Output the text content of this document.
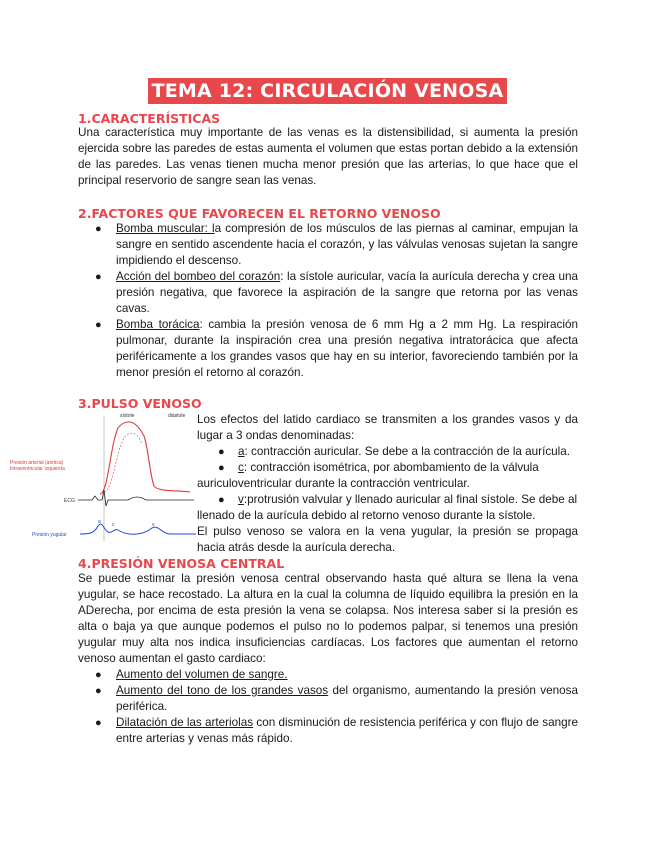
TEMA 12: CIRCULACIÓN VENOSA
1.CARACTERÍSTICAS
Una característica muy importante de las venas es la distensibilidad, si aumenta la presión ejercida sobre las paredes de estas aumenta el volumen que estas portan debido a la extensión de las paredes. Las venas tienen mucha menor presión que las arterias, lo que hace que el principal reservorio de sangre sean las venas.
2.FACTORES QUE FAVORECEN EL RETORNO VENOSO
● Bomba muscular: la compresión de los músculos de las piernas al caminar, empujan la sangre en sentido ascendente hacia el corazón, y las válvulas venosas sujetan la sangre impidiendo el descenso.
● Acción del bombeo del corazón: la sístole auricular, vacía la aurícula derecha y crea una presión negativa, que favorece la aspiración de la sangre que retorna por las venas cavas.
● Bomba torácica: cambia la presión venosa de 6 mm Hg a 2 mm Hg. La respiración pulmonar, durante la inspiración crea una presión negativa intratorácica que afecta periféricamente a los grandes vasos que hay en su interior, favoreciendo también por la menor presión el retorno al corazón.
3.PULSO VENOSO
sístole	diástole
Presión arterial (aórtica)
Intraventricular izquierda
ECG
a c	v
Presión yugular
Los efectos del latido cardiaco se transmiten a los grandes vasos y da lugar a 3 ondas denominadas:
● a: contracción auricular. Se debe a la contracción de la aurícula.
● c: contracción isométrica, por abombamiento de la válvula
auriculoventricular durante la contracción ventricular.
● v:protrusión valvular y llenado auricular al final sístole. Se debe al
llenado de la aurícula debido al retorno venoso durante la sístole.
El pulso venoso se valora en la vena yugular, la presión se propaga hacia atrás desde la aurícula derecha.
4.PRESIÓN VENOSA CENTRAL
Se puede estimar la presión venosa central observando hasta qué altura se llena la vena yugular, se hace recostado. La altura en la cual la columna de líquido equilibra la presión en la ADerecha, por encima de esta presión la vena se colapsa. Nos interesa saber si la presión es alta o baja ya que aunque podemos el pulso no lo podemos palpar, si tenemos una presión yugular muy alta nos indica insuficiencias cardíacas. Los factores que aumentan el retorno venoso aumentan el gasto cardiaco:
● Aumento del volumen de sangre.
● Aumento del tono de los grandes vasos del organismo, aumentando la presión venosa periférica.
● Dilatación de las arteriolas con disminución de resistencia periférica y con flujo de sangre entre arterias y venas más rápido.
